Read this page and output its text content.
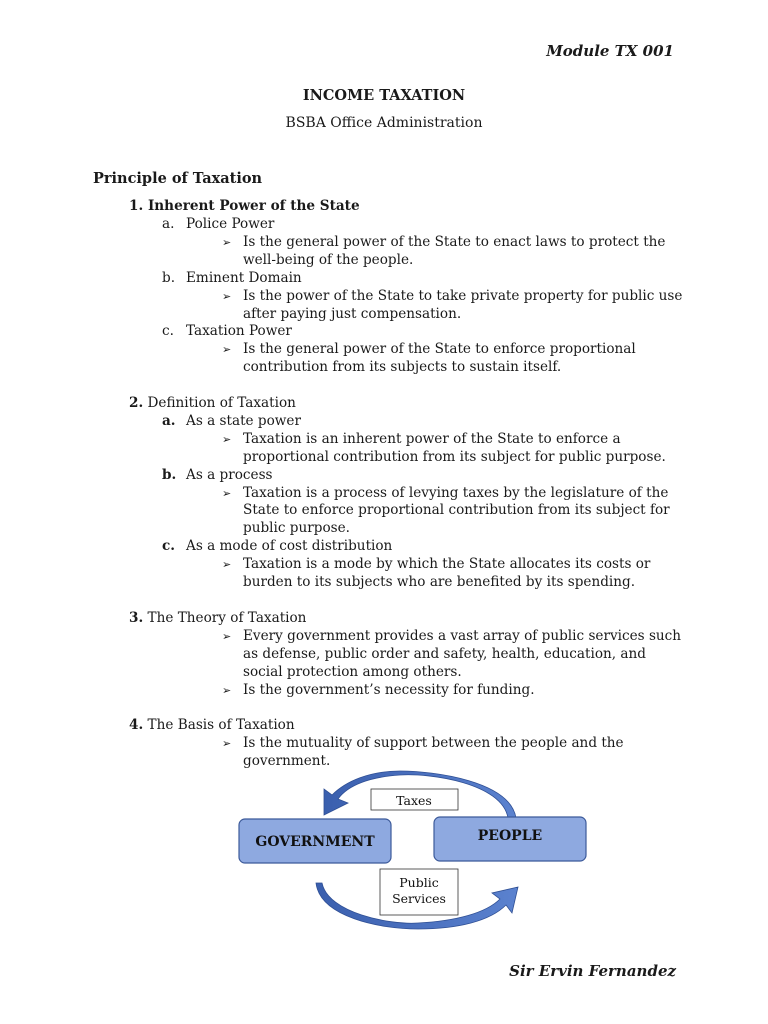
Module TX 001
INCOME TAXATION
BSBA Office Administration
Principle of Taxation
1. Inherent Power of the State
a. Police Power
➢ Is the general power of the State to enact laws to protect the
well-being of the people.
b. Eminent Domain
➢ Is the power of the State to take private property for public use
after paying just compensation.
c. Taxation Power
➢ Is the general power of the State to enforce proportional
contribution from its subjects to sustain itself.
2. Definition of Taxation
a. As a state power
➢ Taxation is an inherent power of the State to enforce a
proportional contribution from its subject for public purpose.
b. As a process
➢ Taxation is a process of levying taxes by the legislature of the
State to enforce proportional contribution from its subject for
public purpose.
c. As a mode of cost distribution
➢ Taxation is a mode by which the State allocates its costs or
burden to its subjects who are benefited by its spending.
3. The Theory of Taxation
➢ Every government provides a vast array of public services such
as defense, public order and safety, health, education, and
social protection among others.
➢ Is the government’s necessity for funding.
4. The Basis of Taxation
➢ Is the mutuality of support between the people and the
government.
GOVERNMENT	PEOPLE
Taxes
Public
Services
Sir Ervin Fernandez
